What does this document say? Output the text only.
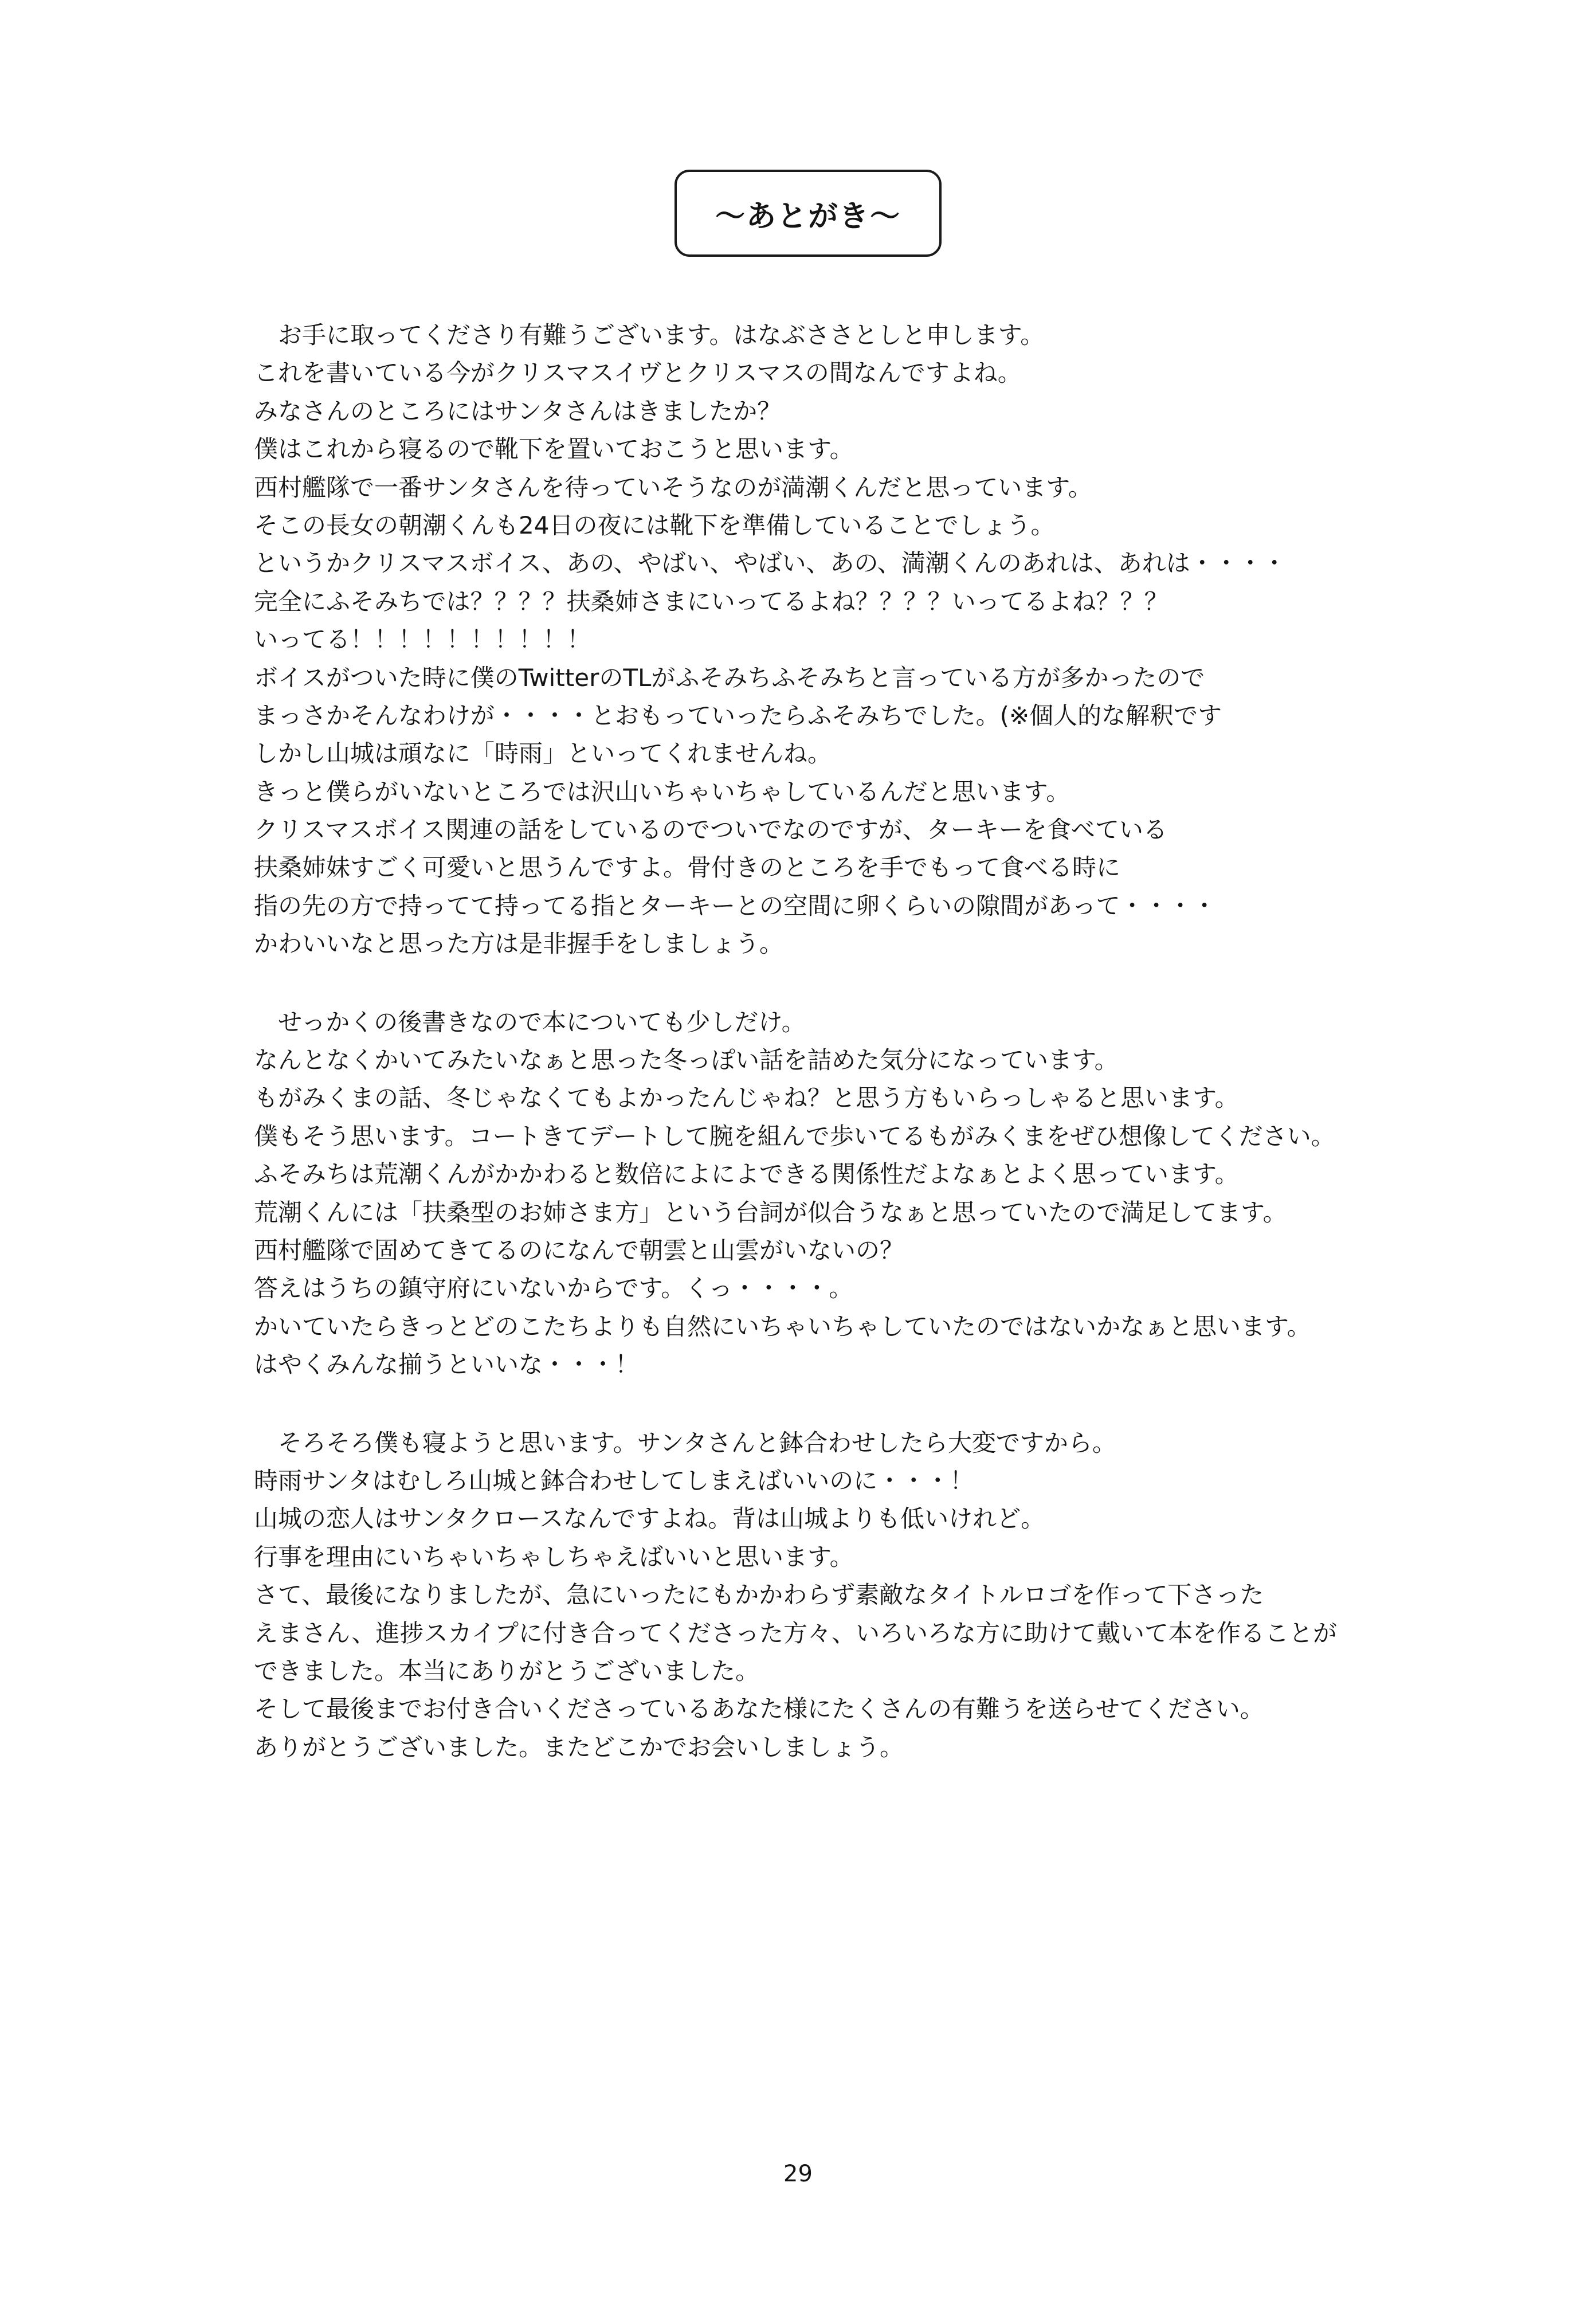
〜あとがき〜
　お手に取ってくださり有難うございます。はなぶささとしと申します。
これを書いている今がクリスマスイヴとクリスマスの間なんですよね。
みなさんのところにはサンタさんはきましたか？
僕はこれから寝るので靴下を置いておこうと思います。
西村艦隊で一番サンタさんを待っていそうなのが満潮くんだと思っています。
そこの長女の朝潮くんも24日の夜には靴下を準備していることでしょう。
というかクリスマスボイス、あの、やばい、やばい、あの、満潮くんのあれは、あれは・・・・
完全にふそみちでは？？？？扶桑姉さまにいってるよね？？？？いってるよね？？？
いってる！！！！！！！！！！
ボイスがついた時に僕のTwitterのTLがふそみちふそみちと言っている方が多かったので
まっさかそんなわけが・・・・とおもっていったらふそみちでした。(※個人的な解釈です
しかし山城は頑なに「時雨」といってくれませんね。
きっと僕らがいないところでは沢山いちゃいちゃしているんだと思います。
クリスマスボイス関連の話をしているのでついでなのですが、ターキーを食べている
扶桑姉妹すごく可愛いと思うんですよ。骨付きのところを手でもって食べる時に
指の先の方で持ってて持ってる指とターキーとの空間に卵くらいの隙間があって・・・・
かわいいなと思った方は是非握手をしましょう。
　せっかくの後書きなので本についても少しだけ。
なんとなくかいてみたいなぁと思った冬っぽい話を詰めた気分になっています。
もがみくまの話、冬じゃなくてもよかったんじゃね？と思う方もいらっしゃると思います。
僕もそう思います。コートきてデートして腕を組んで歩いてるもがみくまをぜひ想像してください。
ふそみちは荒潮くんがかかわると数倍によによできる関係性だよなぁとよく思っています。
荒潮くんには「扶桑型のお姉さま方」という台詞が似合うなぁと思っていたので満足してます。
西村艦隊で固めてきてるのになんで朝雲と山雲がいないの？
答えはうちの鎮守府にいないからです。くっ・・・・。
かいていたらきっとどのこたちよりも自然にいちゃいちゃしていたのではないかなぁと思います。
はやくみんな揃うといいな・・・！
　そろそろ僕も寝ようと思います。サンタさんと鉢合わせしたら大変ですから。
時雨サンタはむしろ山城と鉢合わせしてしまえばいいのに・・・！
山城の恋人はサンタクロースなんですよね。背は山城よりも低いけれど。
行事を理由にいちゃいちゃしちゃえばいいと思います。
さて、最後になりましたが、急にいったにもかかわらず素敵なタイトルロゴを作って下さった
えまさん、進捗スカイプに付き合ってくださった方々、いろいろな方に助けて戴いて本を作ることが
できました。本当にありがとうございました。
そして最後までお付き合いくださっているあなた様にたくさんの有難うを送らせてください。
ありがとうございました。またどこかでお会いしましょう。
29
